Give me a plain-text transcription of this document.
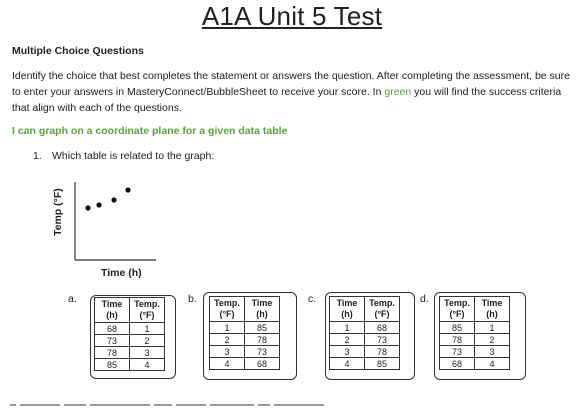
A1A Unit 5 Test
Multiple Choice Questions
Identify the choice that best completes the statement or answers the question. After completing the assessment, be sure to enter your answers in MasteryConnect/BubbleSheet to receive your score. In green you will find the success criteria that align with each of the questions.
I can graph on a coordinate plane for a given data table
1. Which table is related to the graph:
Temp (°F)
Time (h)
a.	Time
(h)	Temp.
(°F)
68	1
73	2
78	3
85	4
b. Temp.
(°F)	Time
(h)
1	85
2	78
3	73
4	68
c. Time
(h)	Temp.
(°F)
1	68
2	73
3	78
4	85
d. Temp.
(°F)	Time
(h)
85	1
78	2
73	3
68	4
